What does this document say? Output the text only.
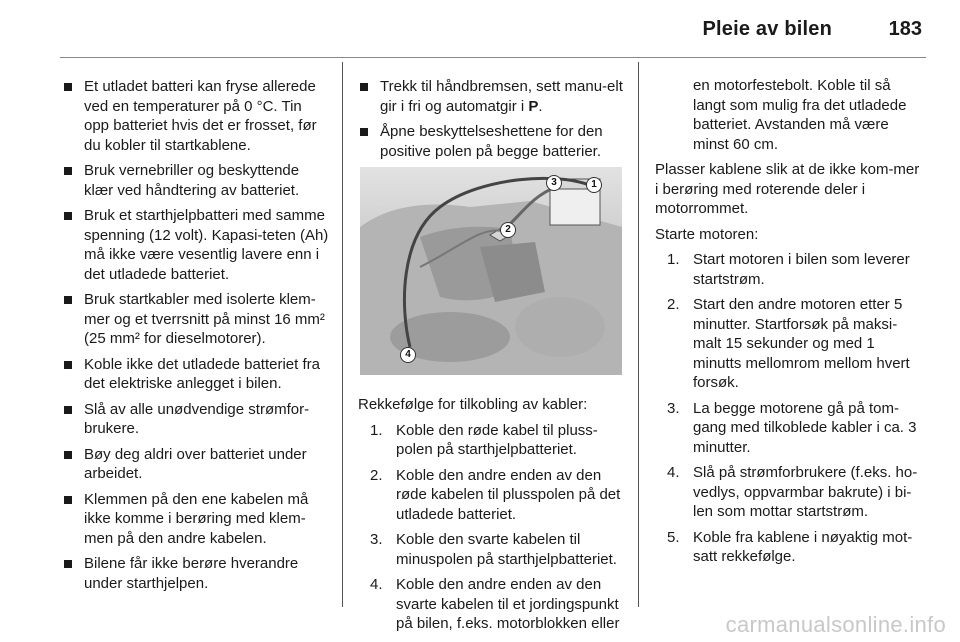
Pleie av bilen	183
Et utladet batteri kan fryse allerede ved en temperaturer på 0 °C. Tin opp batteriet hvis det er frosset, før du kobler til startkablene.
Bruk vernebriller og beskyttende klær ved håndtering av batteriet.
Bruk et starthjelpbatteri med samme spenning (12 volt). Kapasi-teten (Ah) må ikke være vesentlig lavere enn i det utladede batteriet.
Bruk startkabler med isolerte klem-mer og et tverrsnitt på minst 16 mm² (25 mm² for dieselmotorer).
Koble ikke det utladede batteriet fra det elektriske anlegget i bilen.
Slå av alle unødvendige strømfor-brukere.
Bøy deg aldri over batteriet under arbeidet.
Klemmen på den ene kabelen må ikke komme i berøring med klem-men på den andre kabelen.
Bilene får ikke berøre hverandre under starthjelpen.
Trekk til håndbremsen, sett manu-elt gir i fri og automatgir i P.
Åpne beskyttelseshettene for den positive polen på begge batterier.
1
2
3
4
Rekkefølge for tilkobling av kabler:
1. Koble den røde kabel til pluss-polen på starthjelpbatteriet.
2. Koble den andre enden av den røde kabelen til plusspolen på det utladede batteriet.
3. Koble den svarte kabelen til minuspolen på starthjelpbatteriet.
4. Koble den andre enden av den svarte kabelen til et jordingspunkt på bilen, f.eks. motorblokken eller
en motorfestebolt. Koble til så langt som mulig fra det utladede batteriet. Avstanden må være minst 60 cm.
Plasser kablene slik at de ikke kom-mer i berøring med roterende deler i motorrommet.
Starte motoren:
1. Start motoren i bilen som leverer startstrøm.
2. Start den andre motoren etter 5 minutter. Startforsøk på maksi-malt 15 sekunder og med 1 minutts mellomrom mellom hvert forsøk.
3. La begge motorene gå på tom-gang med tilkoblede kabler i ca. 3 minutter.
4. Slå på strømforbrukere (f.eks. ho-vedlys, oppvarmbar bakrute) i bi-len som mottar startstrøm.
5. Koble fra kablene i nøyaktig mot-satt rekkefølge.
carmanualsonline.info
